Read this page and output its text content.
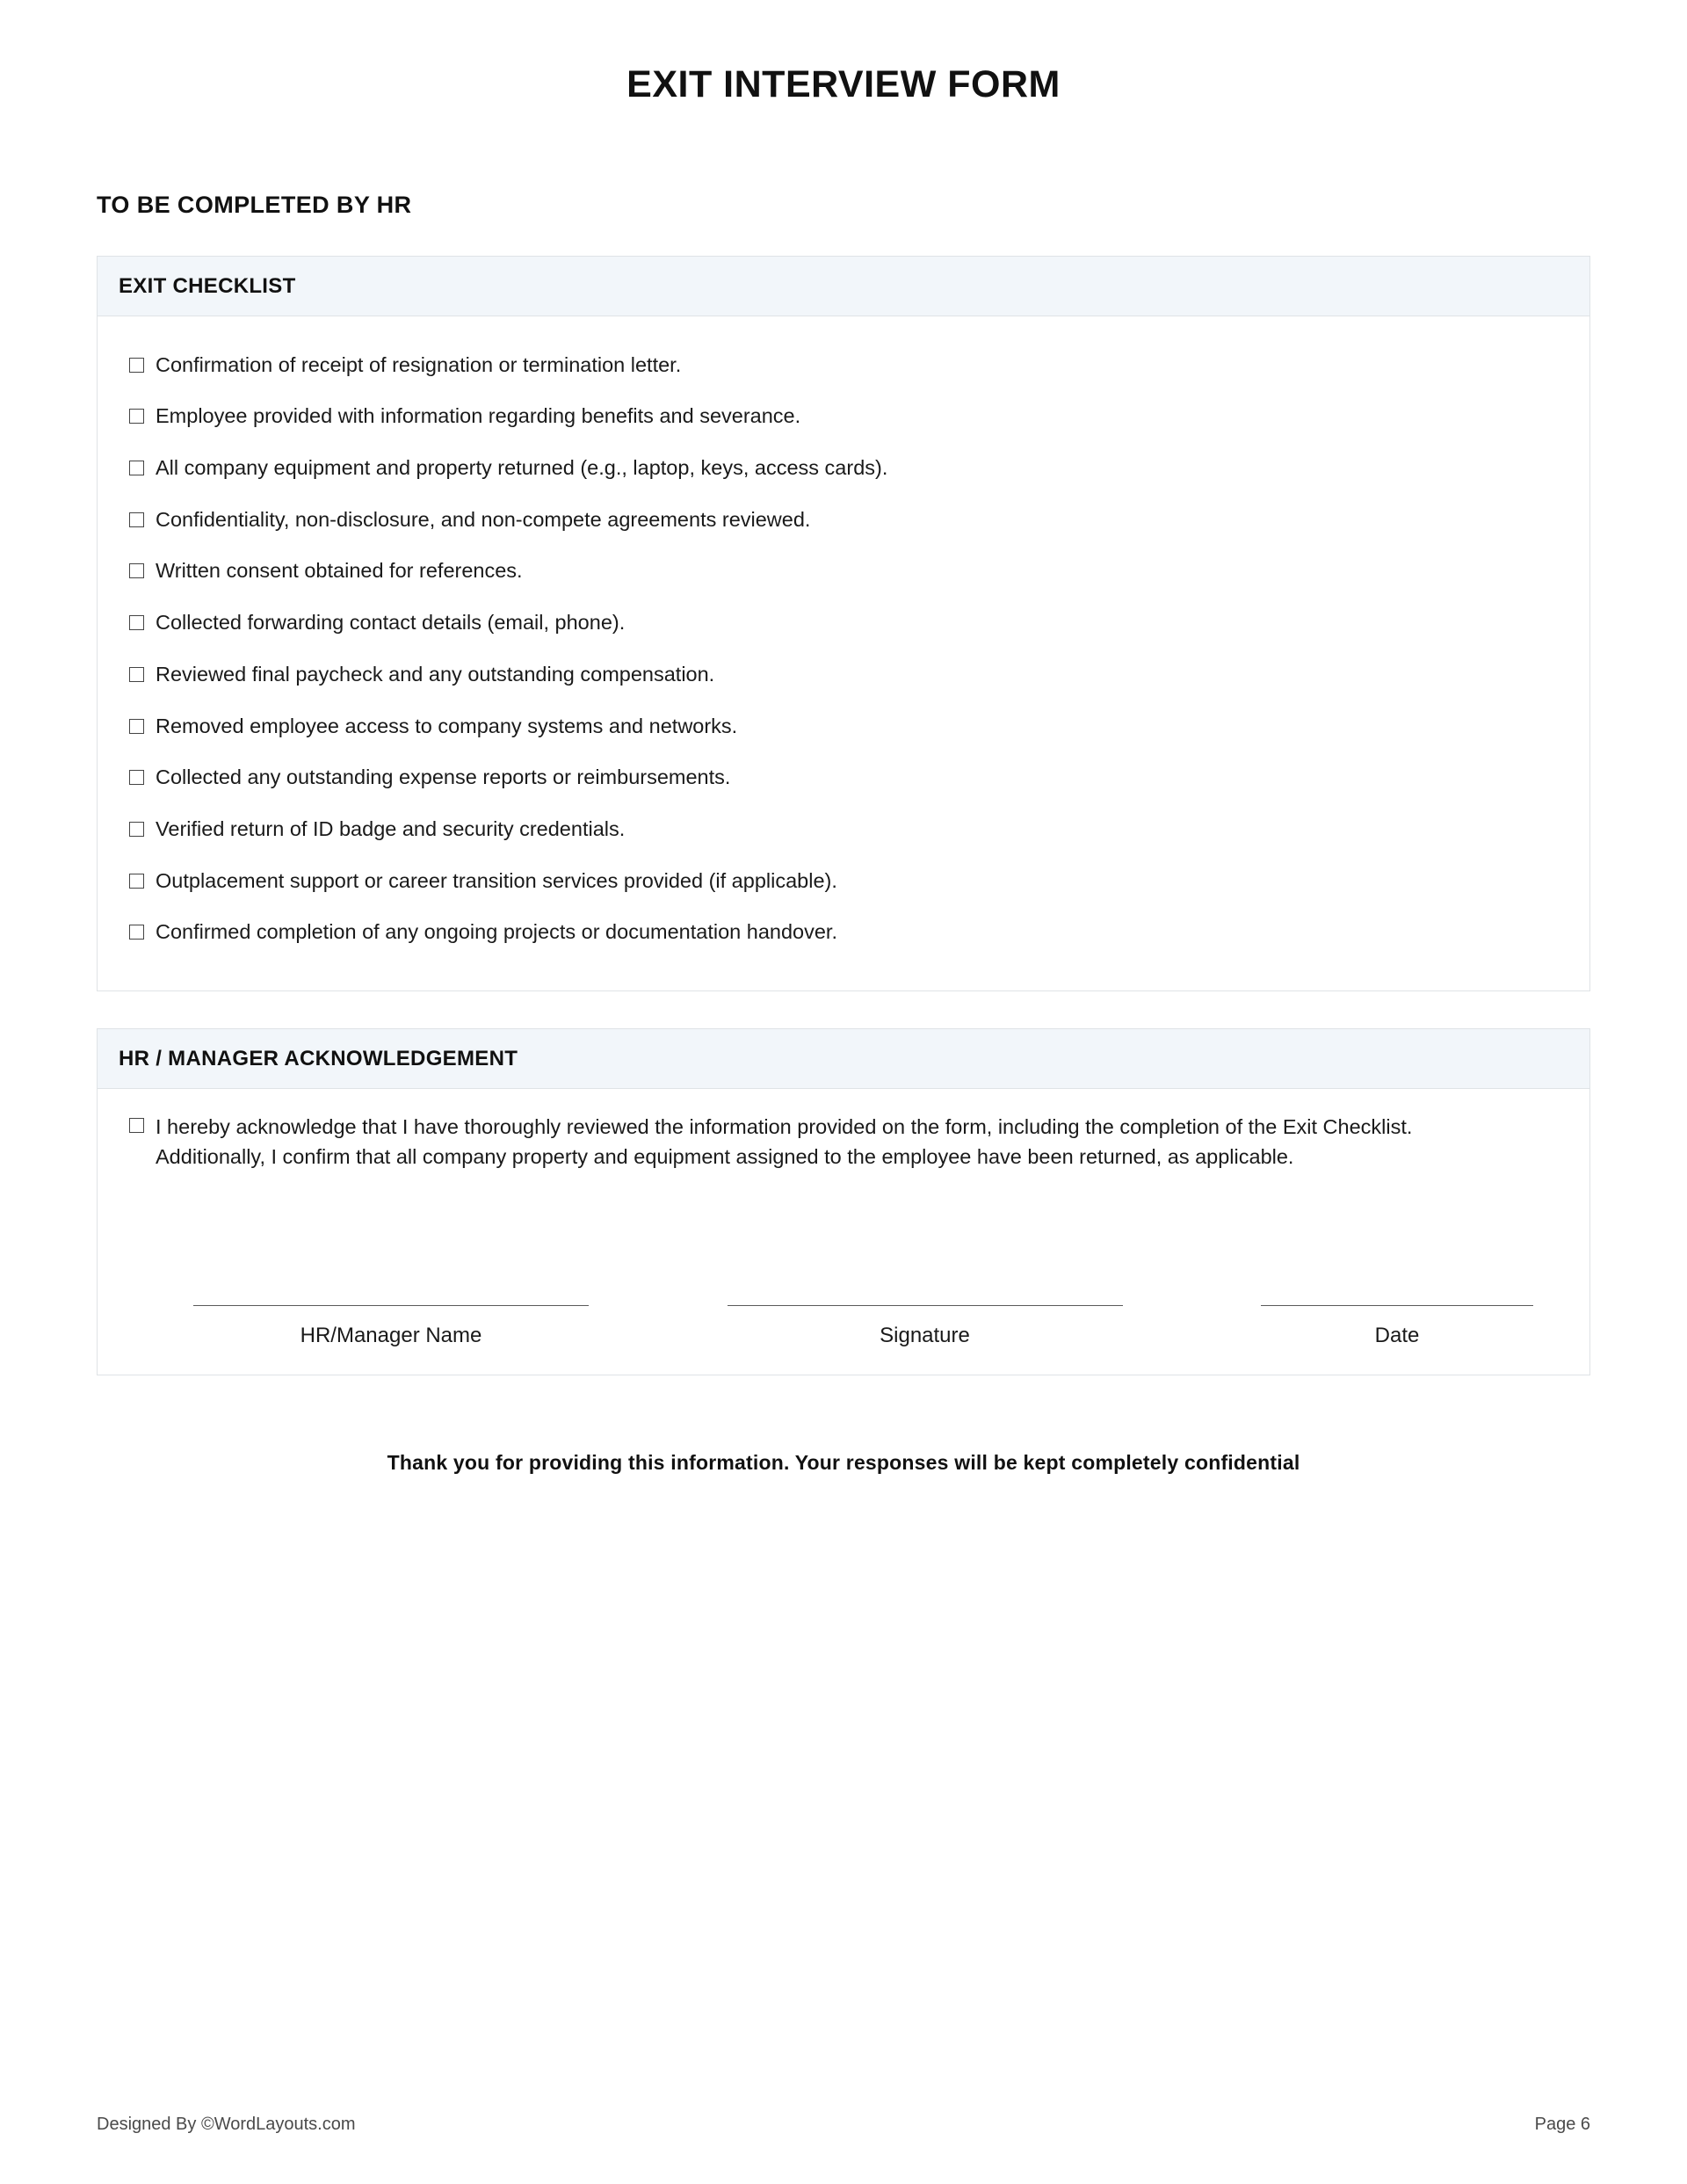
EXIT INTERVIEW FORM
TO BE COMPLETED BY HR
EXIT CHECKLIST
Confirmation of receipt of resignation or termination letter.
Employee provided with information regarding benefits and severance.
All company equipment and property returned (e.g., laptop, keys, access cards).
Confidentiality, non-disclosure, and non-compete agreements reviewed.
Written consent obtained for references.
Collected forwarding contact details (email, phone).
Reviewed final paycheck and any outstanding compensation.
Removed employee access to company systems and networks.
Collected any outstanding expense reports or reimbursements.
Verified return of ID badge and security credentials.
Outplacement support or career transition services provided (if applicable).
Confirmed completion of any ongoing projects or documentation handover.
HR / MANAGER ACKNOWLEDGEMENT
I hereby acknowledge that I have thoroughly reviewed the information provided on the form, including the completion of the Exit Checklist. Additionally, I confirm that all company property and equipment assigned to the employee have been returned, as applicable.
HR/Manager Name	Signature	Date
Thank you for providing this information. Your responses will be kept completely confidential
Designed By ©WordLayouts.com	Page 6
